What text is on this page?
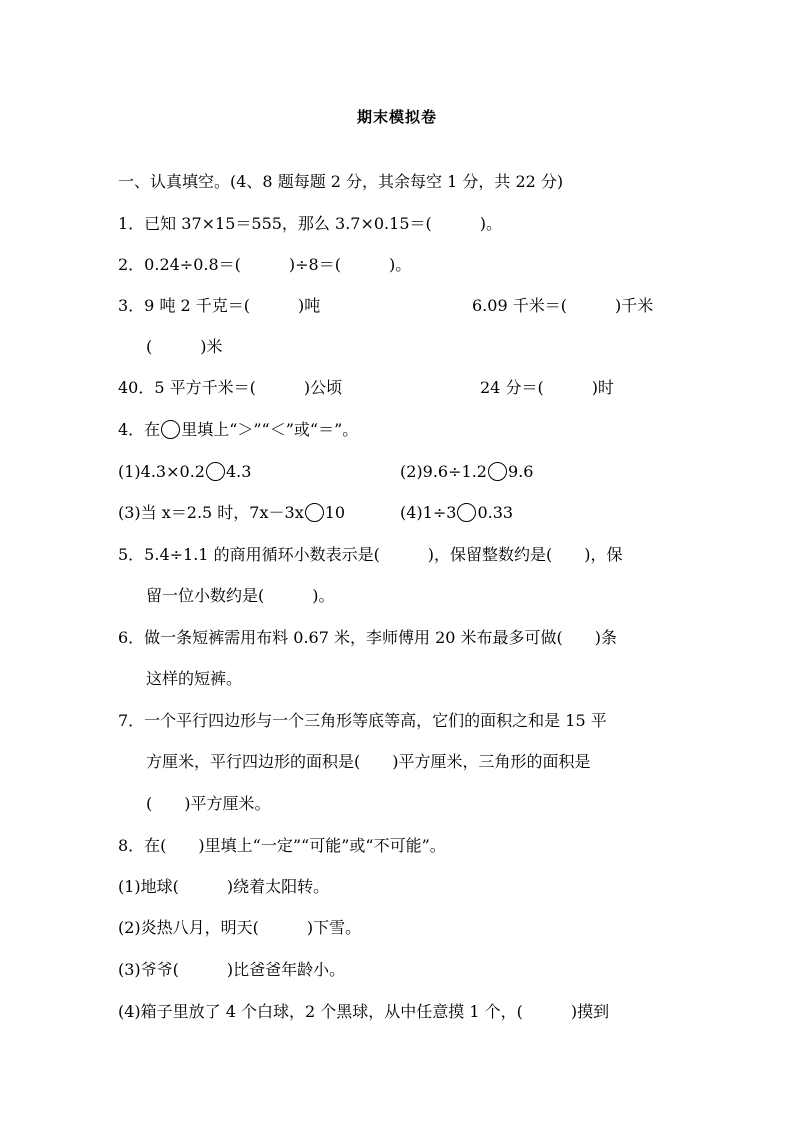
期末模拟卷
一、认真填空。(4、8 题每题 2 分，其余每空 1 分，共 22 分)
1．已知 37×15＝555，那么 3.7×0.15＝(　　　)。
2．0.24÷0.8＝(　　　)÷8＝(　　　)。
3．9 吨 2 千克＝(　　　)吨	6.09 千米＝(　　　)千米
(　　　)米
40．5 平方千米＝(　　　)公顷	24 分＝(　　　)时
4．在 里填上“＞”“＜”或“＝”。
(1)4.3×0.2 4.3	(2)9.6÷1.2 9.6
(3)当 x＝2.5 时，7x－3x 10	(4)1÷3 0.33
5．5.4÷1.1 的商用循环小数表示是(　　　)，保留整数约是(　　)，保
留一位小数约是(　　　)。
6．做一条短裤需用布料 0.67 米，李师傅用 20 米布最多可做(　　)条
这样的短裤。
7．一个平行四边形与一个三角形等底等高，它们的面积之和是 15 平
方厘米，平行四边形的面积是(　　)平方厘米，三角形的面积是
(　　)平方厘米。
8．在(　　)里填上“一定”“可能”或“不可能”。
(1)地球(　　　)绕着太阳转。
(2)炎热八月，明天(　　　)下雪。
(3)爷爷(　　　)比爸爸年龄小。
(4)箱子里放了 4 个白球，2 个黑球，从中任意摸 1 个，(　　　)摸到
